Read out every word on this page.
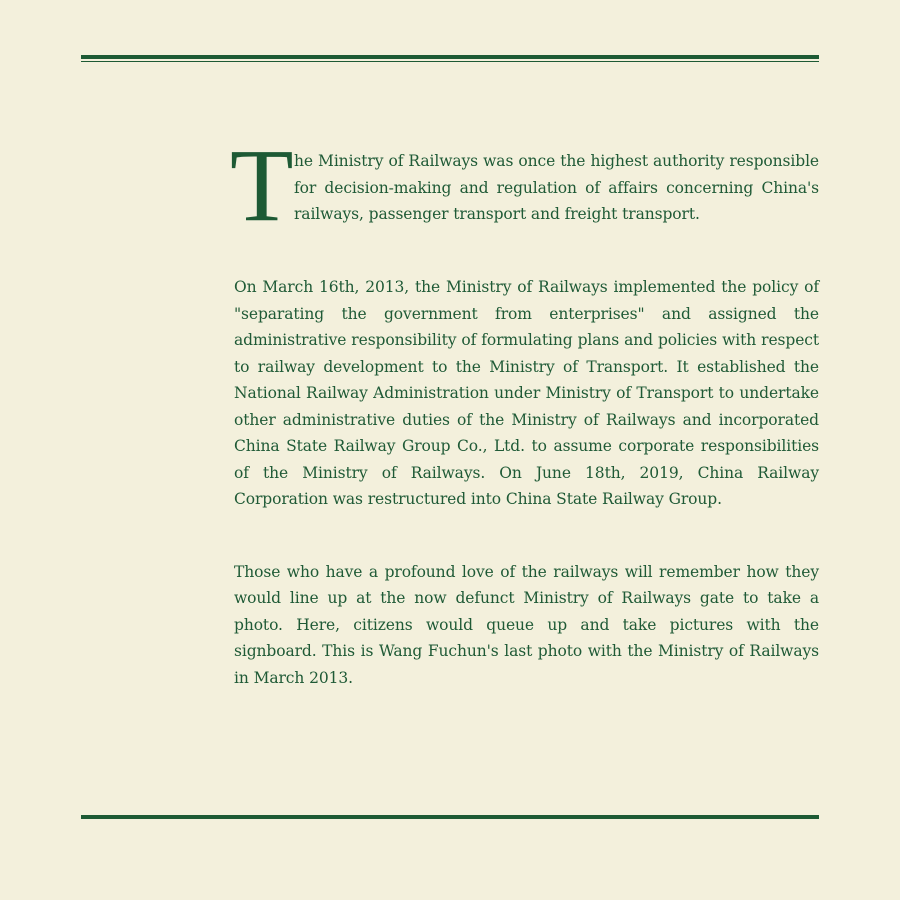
T he Ministry of Railways was once the highest authority responsible for decision-making and regulation of affairs concerning China's railways, passenger transport and freight transport.

On March 16th, 2013, the Ministry of Railways implemented the policy of "separating the government from enterprises" and assigned the administrative responsibility of formulating plans and policies with respect to railway development to the Ministry of Transport. It established the National Railway Administration under Ministry of Transport to undertake other administrative duties of the Ministry of Railways and incorporated China State Railway Group Co., Ltd. to assume corporate responsibilities of the Ministry of Railways. On June 18th, 2019, China Railway Corporation was restructured into China State Railway Group.

Those who have a profound love of the railways will remember how they would line up at the now defunct Ministry of Railways gate to take a photo. Here, citizens would queue up and take pictures with the signboard. This is Wang Fuchun's last photo with the Ministry of Railways in March 2013.
